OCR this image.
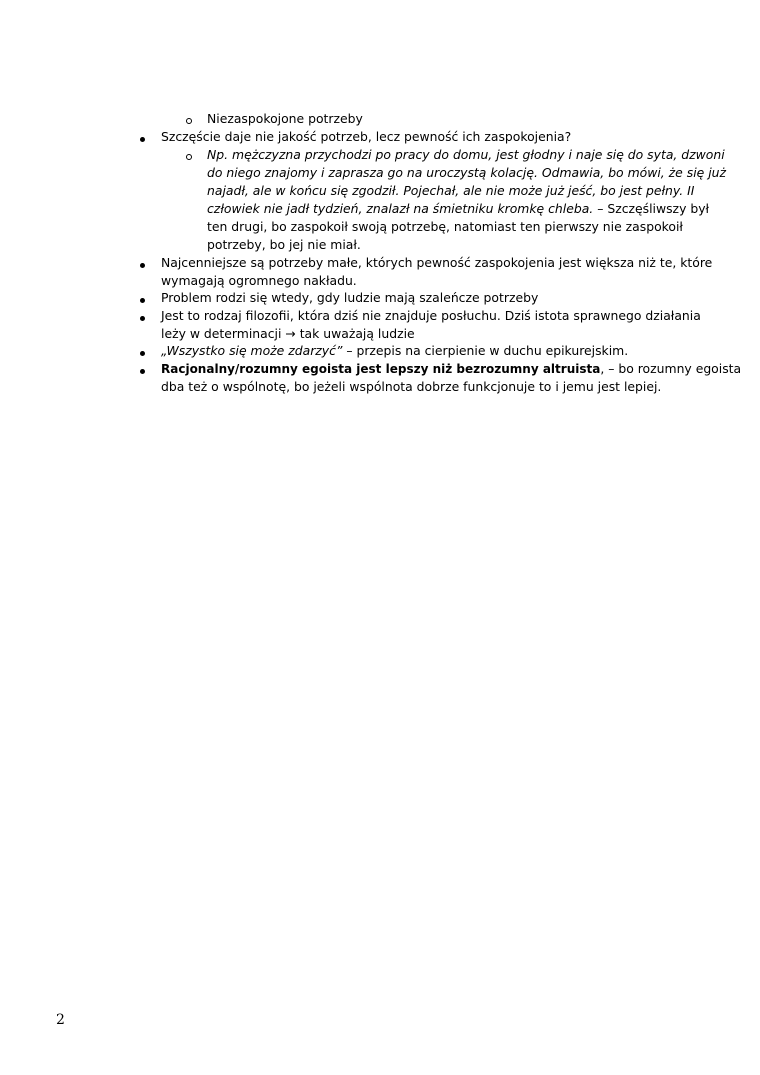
Niezaspokojone potrzeby
Szczęście daje nie jakość potrzeb, lecz pewność ich zaspokojenia?
Np. mężczyzna przychodzi po pracy do domu, jest głodny i naje się do syta, dzwoni
do niego znajomy i zaprasza go na uroczystą kolację. Odmawia, bo mówi, że się już
najadł, ale w końcu się zgodził. Pojechał, ale nie może już jeść, bo jest pełny. II
człowiek nie jadł tydzień, znalazł na śmietniku kromkę chleba. – Szczęśliwszy był
ten drugi, bo zaspokoił swoją potrzebę, natomiast ten pierwszy nie zaspokoił
potrzeby, bo jej nie miał.
Najcenniejsze są potrzeby małe, których pewność zaspokojenia jest większa niż te, które
wymagają ogromnego nakładu.
Problem rodzi się wtedy, gdy ludzie mają szaleńcze potrzeby
Jest to rodzaj filozofii, która dziś nie znajduje posłuchu. Dziś istota sprawnego działania
leży w determinacji → tak uważają ludzie
„Wszystko się może zdarzyć” – przepis na cierpienie w duchu epikurejskim.
Racjonalny/rozumny egoista jest lepszy niż bezrozumny altruista, – bo rozumny egoista
dba też o wspólnotę, bo jeżeli wspólnota dobrze funkcjonuje to i jemu jest lepiej.
2
